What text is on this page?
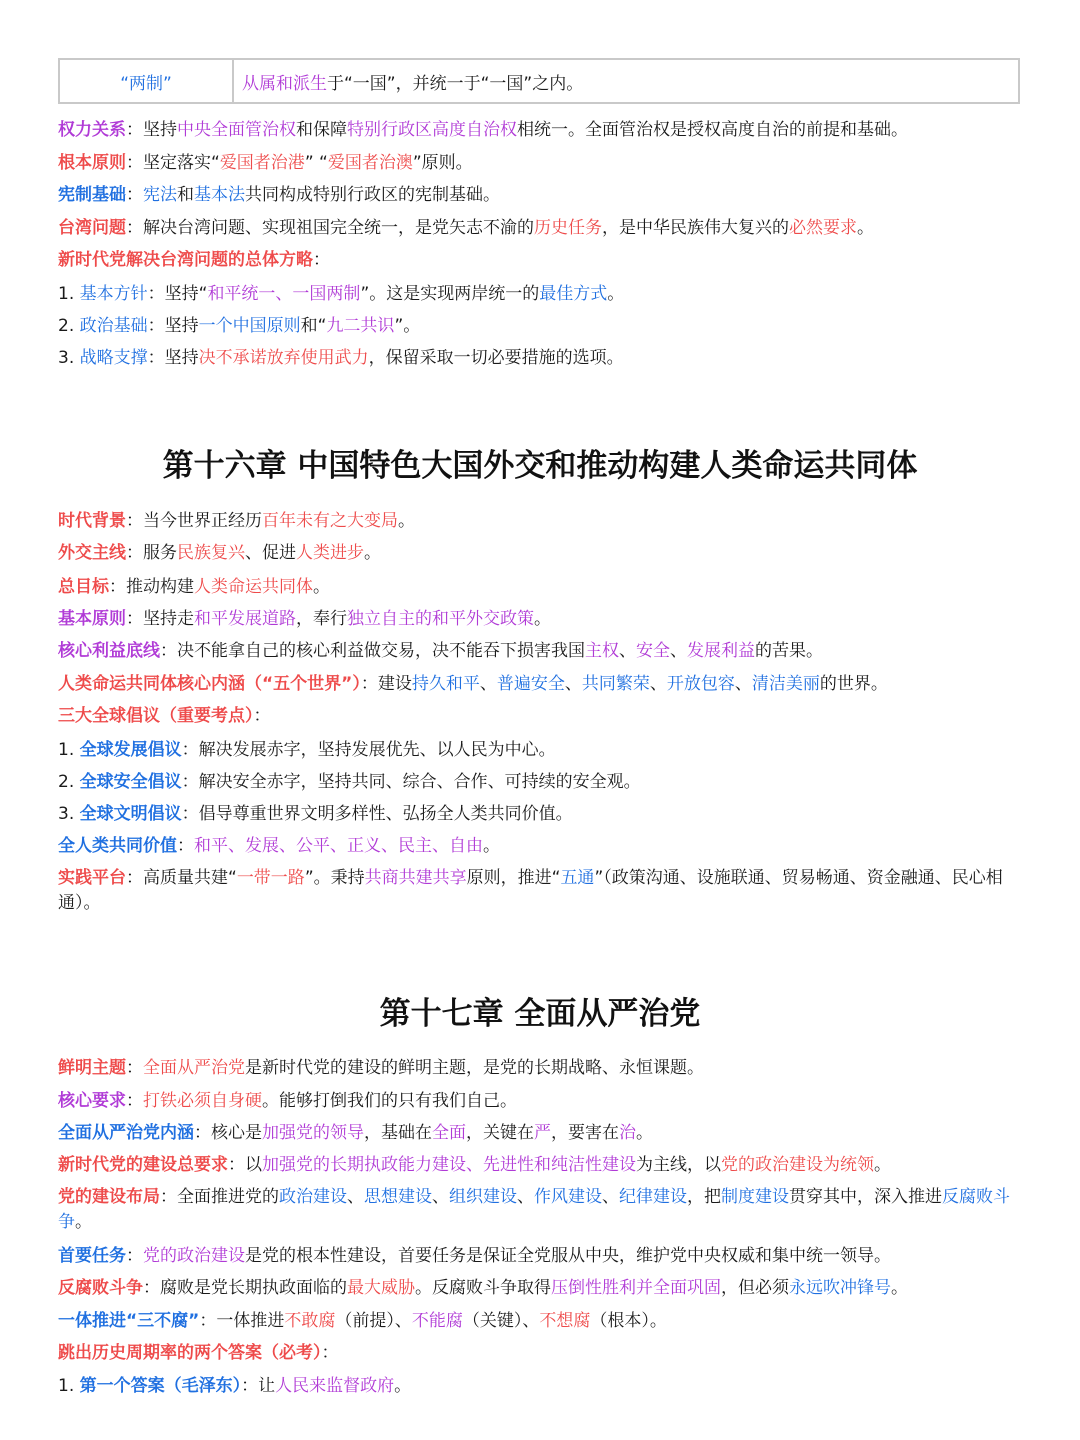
“两制”	从属和派生 于“一国”，并统一于“一国”之内。
权力关系：坚持中央全面管治权和保障特别行政区高度自治权相统一。全面管治权是授权高度自治的前提和基础。
根本原则：坚定落实“爱国者治港” “爱国者治澳”原则。
宪制基础：宪法和基本法共同构成特别行政区的宪制基础。
台湾问题：解决台湾问题、实现祖国完全统一，是党矢志不渝的历史任务，是中华民族伟大复兴的必然要求。
新时代党解决台湾问题的总体方略：
1. 基本方针：坚持“和平统一、一国两制”。这是实现两岸统一的最佳方式。
2. 政治基础：坚持一个中国原则和“九二共识”。
3. 战略支撑：坚持决不承诺放弃使用武力，保留采取一切必要措施的选项。
第十六章 中国特色大国外交和推动构建人类命运共同体
时代背景：当今世界正经历百年未有之大变局。
外交主线：服务民族复兴、促进人类进步。
总目标：推动构建人类命运共同体。
基本原则：坚持走和平发展道路，奉行独立自主的和平外交政策。
核心利益底线：决不能拿自己的核心利益做交易，决不能吞下损害我国主权、安全、发展利益的苦果。
人类命运共同体核心内涵（“五个世界”）：建设持久和平、普遍安全、共同繁荣、开放包容、清洁美丽的世界。
三大全球倡议（重要考点）：
1. 全球发展倡议：解决发展赤字，坚持发展优先、以人民为中心。
2. 全球安全倡议：解决安全赤字，坚持共同、综合、合作、可持续的安全观。
3. 全球文明倡议：倡导尊重世界文明多样性、弘扬全人类共同价值。
全人类共同价值：和平、发展、公平、正义、民主、自由。
实践平台：高质量共建“一带一路”。秉持共商共建共享原则，推进“五通”（政策沟通、设施联通、贸易畅通、资金融通、民心相通）。
第十七章 全面从严治党
鲜明主题：全面从严治党是新时代党的建设的鲜明主题，是党的长期战略、永恒课题。
核心要求：打铁必须自身硬。能够打倒我们的只有我们自己。
全面从严治党内涵：核心是加强党的领导，基础在全面，关键在严，要害在治。
新时代党的建设总要求：以加强党的长期执政能力建设、先进性和纯洁性建设为主线，以党的政治建设为统领。
党的建设布局：全面推进党的政治建设、思想建设、组织建设、作风建设、纪律建设，把制度建设贯穿其中，深入推进反腐败斗争。
首要任务：党的政治建设是党的根本性建设，首要任务是保证全党服从中央，维护党中央权威和集中统一领导。
反腐败斗争：腐败是党长期执政面临的最大威胁。反腐败斗争取得压倒性胜利并全面巩固，但必须永远吹冲锋号。
一体推进“三不腐”：一体推进不敢腐（前提）、不能腐（关键）、不想腐（根本）。
跳出历史周期率的两个答案（必考）：
1. 第一个答案（毛泽东）：让人民来监督政府。
